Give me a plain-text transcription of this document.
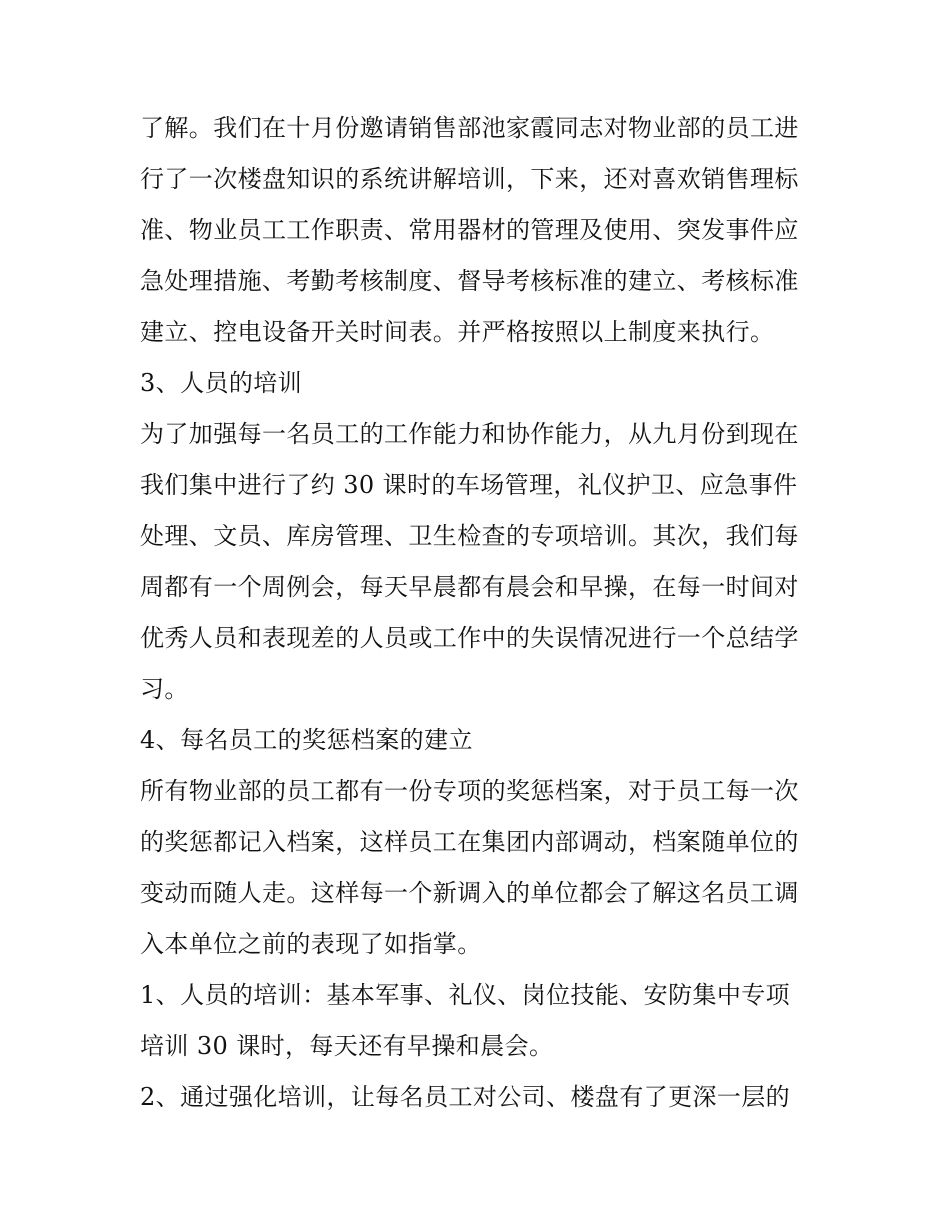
了解。我们在十月份邀请销售部池家霞同志对物业部的员工进
行了一次楼盘知识的系统讲解培训，下来，还对喜欢销售理标
准、物业员工工作职责、常用器材的管理及使用、突发事件应
急处理措施、考勤考核制度、督导考核标准的建立、考核标准
建立、控电设备开关时间表。并严格按照以上制度来执行。
3、人员的培训
为了加强每一名员工的工作能力和协作能力，从九月份到现在
我们集中进行了约 30 课时的车场管理，礼仪护卫、应急事件
处理、文员、库房管理、卫生检查的专项培训。其次，我们每
周都有一个周例会，每天早晨都有晨会和早操，在每一时间对
优秀人员和表现差的人员或工作中的失误情况进行一个总结学
习。
4、每名员工的奖惩档案的建立
所有物业部的员工都有一份专项的奖惩档案，对于员工每一次
的奖惩都记入档案，这样员工在集团内部调动，档案随单位的
变动而随人走。这样每一个新调入的单位都会了解这名员工调
入本单位之前的表现了如指掌。
1、人员的培训：基本军事、礼仪、岗位技能、安防集中专项
培训 30 课时，每天还有早操和晨会。
2、通过强化培训，让每名员工对公司、楼盘有了更深一层的
